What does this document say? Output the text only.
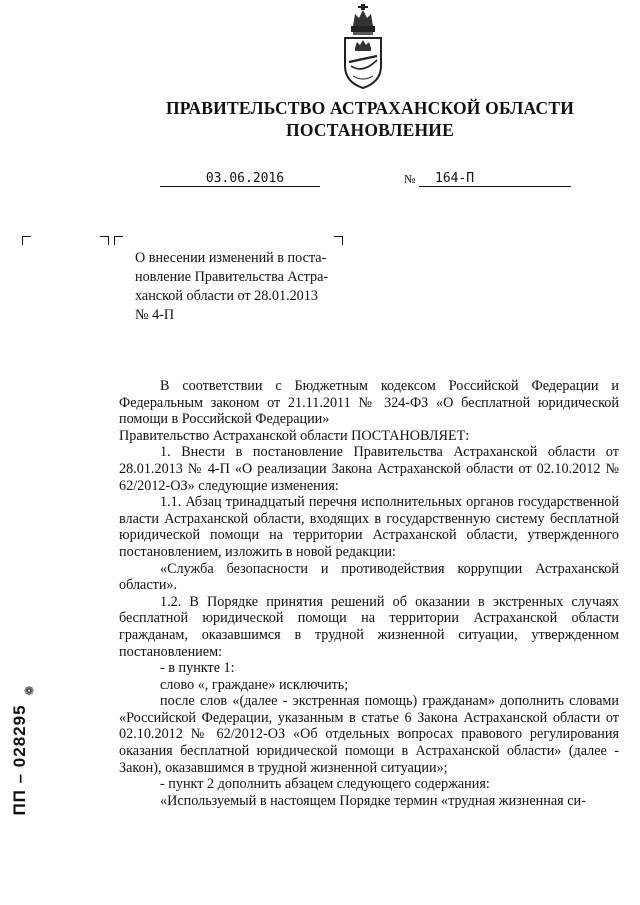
ПРАВИТЕЛЬСТВО АСТРАХАНСКОЙ ОБЛАСТИ
ПОСТАНОВЛЕНИЕ
03.06.2016	№	164-П
О внесении изменений в поста-
новление Правительства Астра-
ханской области от 28.01.2013
№ 4-П

В соответствии с Бюджетным кодексом Российской Федерации и Федеральным законом от 21.11.2011 № 324-ФЗ «О бесплатной юридической помощи в Российской Федерации»

Правительство Астраханской области ПОСТАНОВЛЯЕТ:

1. Внести в постановление Правительства Астраханской области от 28.01.2013 № 4-П «О реализации Закона Астраханской области от 02.10.2012 № 62/2012-ОЗ» следующие изменения:

1.1. Абзац тринадцатый перечня исполнительных органов государственной власти Астраханской области, входящих в государственную систему бесплатной юридической помощи на территории Астраханской области, утвержденного постановлением, изложить в новой редакции:

«Служба безопасности и противодействия коррупции Астраханской области».

1.2. В Порядке принятия решений об оказании в экстренных случаях бесплатной юридической помощи на территории Астраханской области гражданам, оказавшимся в трудной жизненной ситуации, утвержденном постановлением:

- в пункте 1:

слово «, граждане» исключить;

после слов «(далее - экстренная помощь) гражданам» дополнить словами «Российской Федерации, указанным в статье 6 Закона Астраханской области от 02.10.2012 № 62/2012-ОЗ «Об отдельных вопросах правового регулирования оказания бесплатной юридической помощи в Астраханской области» (далее - Закон), оказавшимся в трудной жизненной ситуации»;

- пункт 2 дополнить абзацем следующего содержания:

«Используемый в настоящем Порядке термин «трудная жизненная си-

ПП – 028295
❁
